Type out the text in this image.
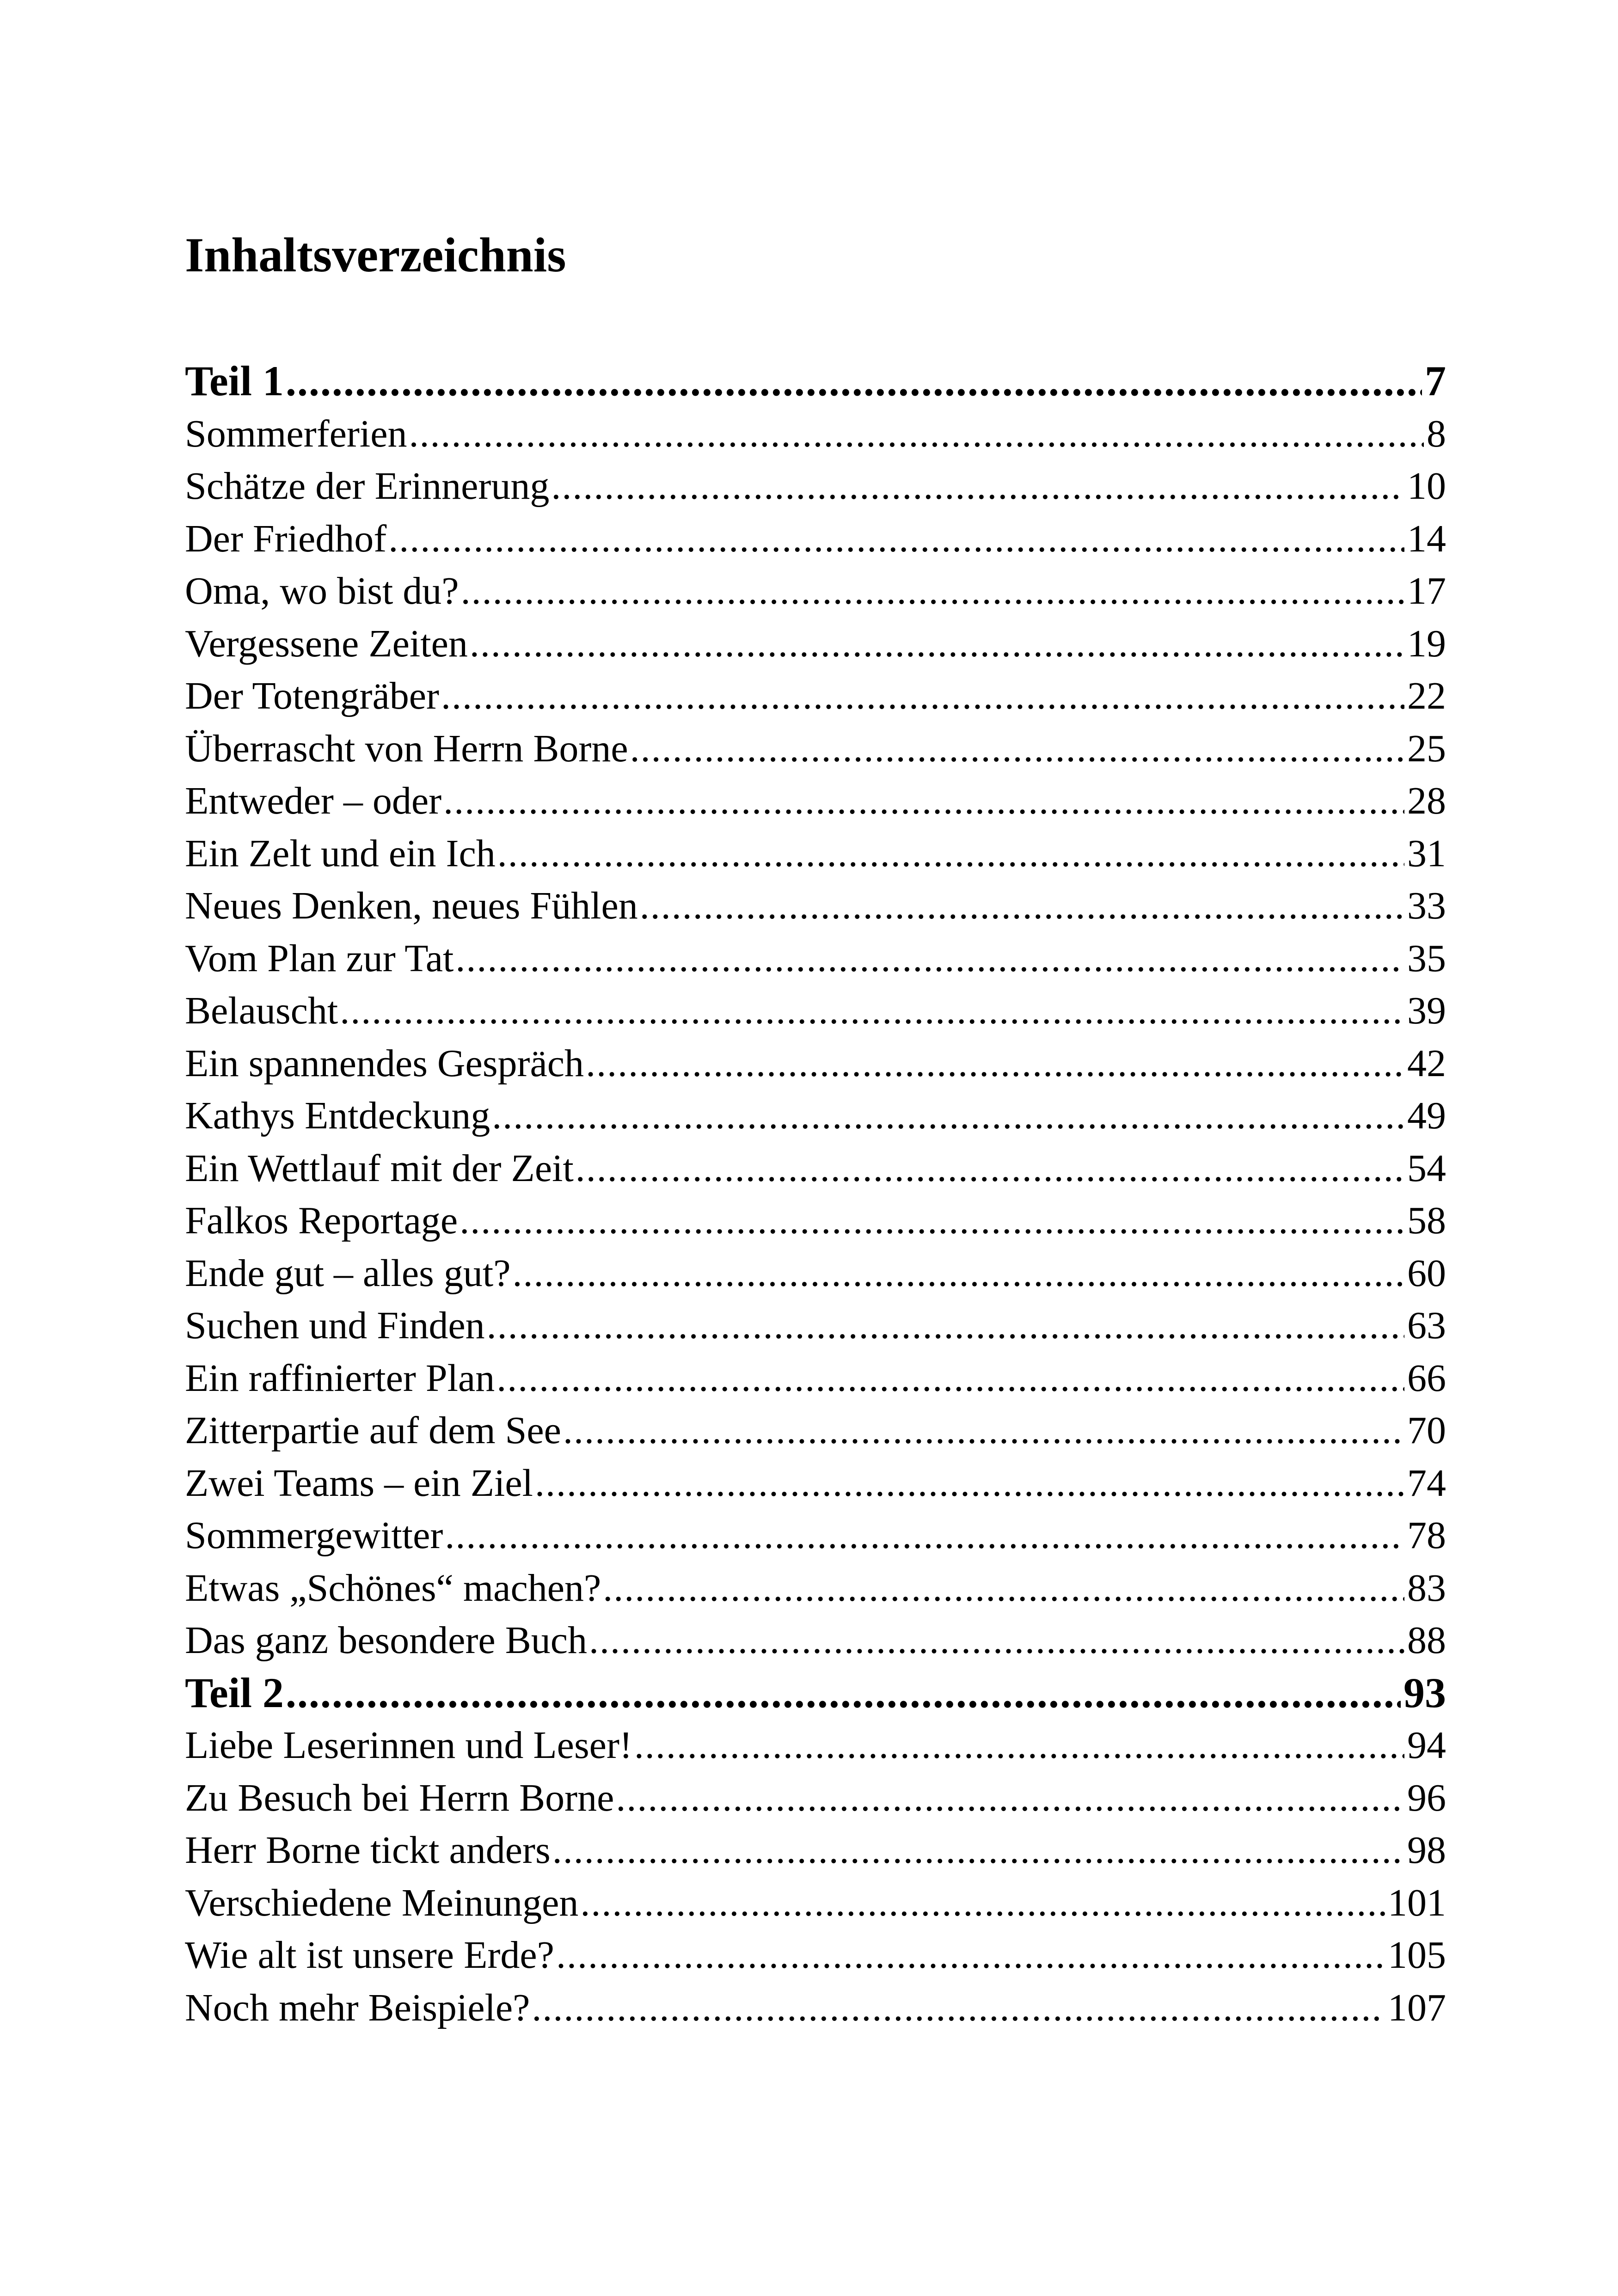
Inhaltsverzeichnis
Teil 1 .....	7
Sommerferien .....	8
Schätze der Erinnerung .....	10
Der Friedhof .....	14
Oma, wo bist du? .....	17
Vergessene Zeiten .....	19
Der Totengräber .....	22
Überrascht von Herrn Borne .....	25
Entweder – oder .....	28
Ein Zelt und ein Ich .....	31
Neues Denken, neues Fühlen .....	33
Vom Plan zur Tat .....	35
Belauscht .....	39
Ein spannendes Gespräch .....	42
Kathys Entdeckung .....	49
Ein Wettlauf mit der Zeit .....	54
Falkos Reportage .....	58
Ende gut – alles gut? .....	60
Suchen und Finden .....	63
Ein raffinierter Plan .....	66
Zitterpartie auf dem See .....	70
Zwei Teams – ein Ziel .....	74
Sommergewitter .....	78
Etwas „Schönes“ machen? .....	83
Das ganz besondere Buch .....	88
Teil 2 .....	93
Liebe Leserinnen und Leser! .....	94
Zu Besuch bei Herrn Borne .....	96
Herr Borne tickt anders .....	98
Verschiedene Meinungen .....	101
Wie alt ist unsere Erde? .....	105
Noch mehr Beispiele? .....	107
